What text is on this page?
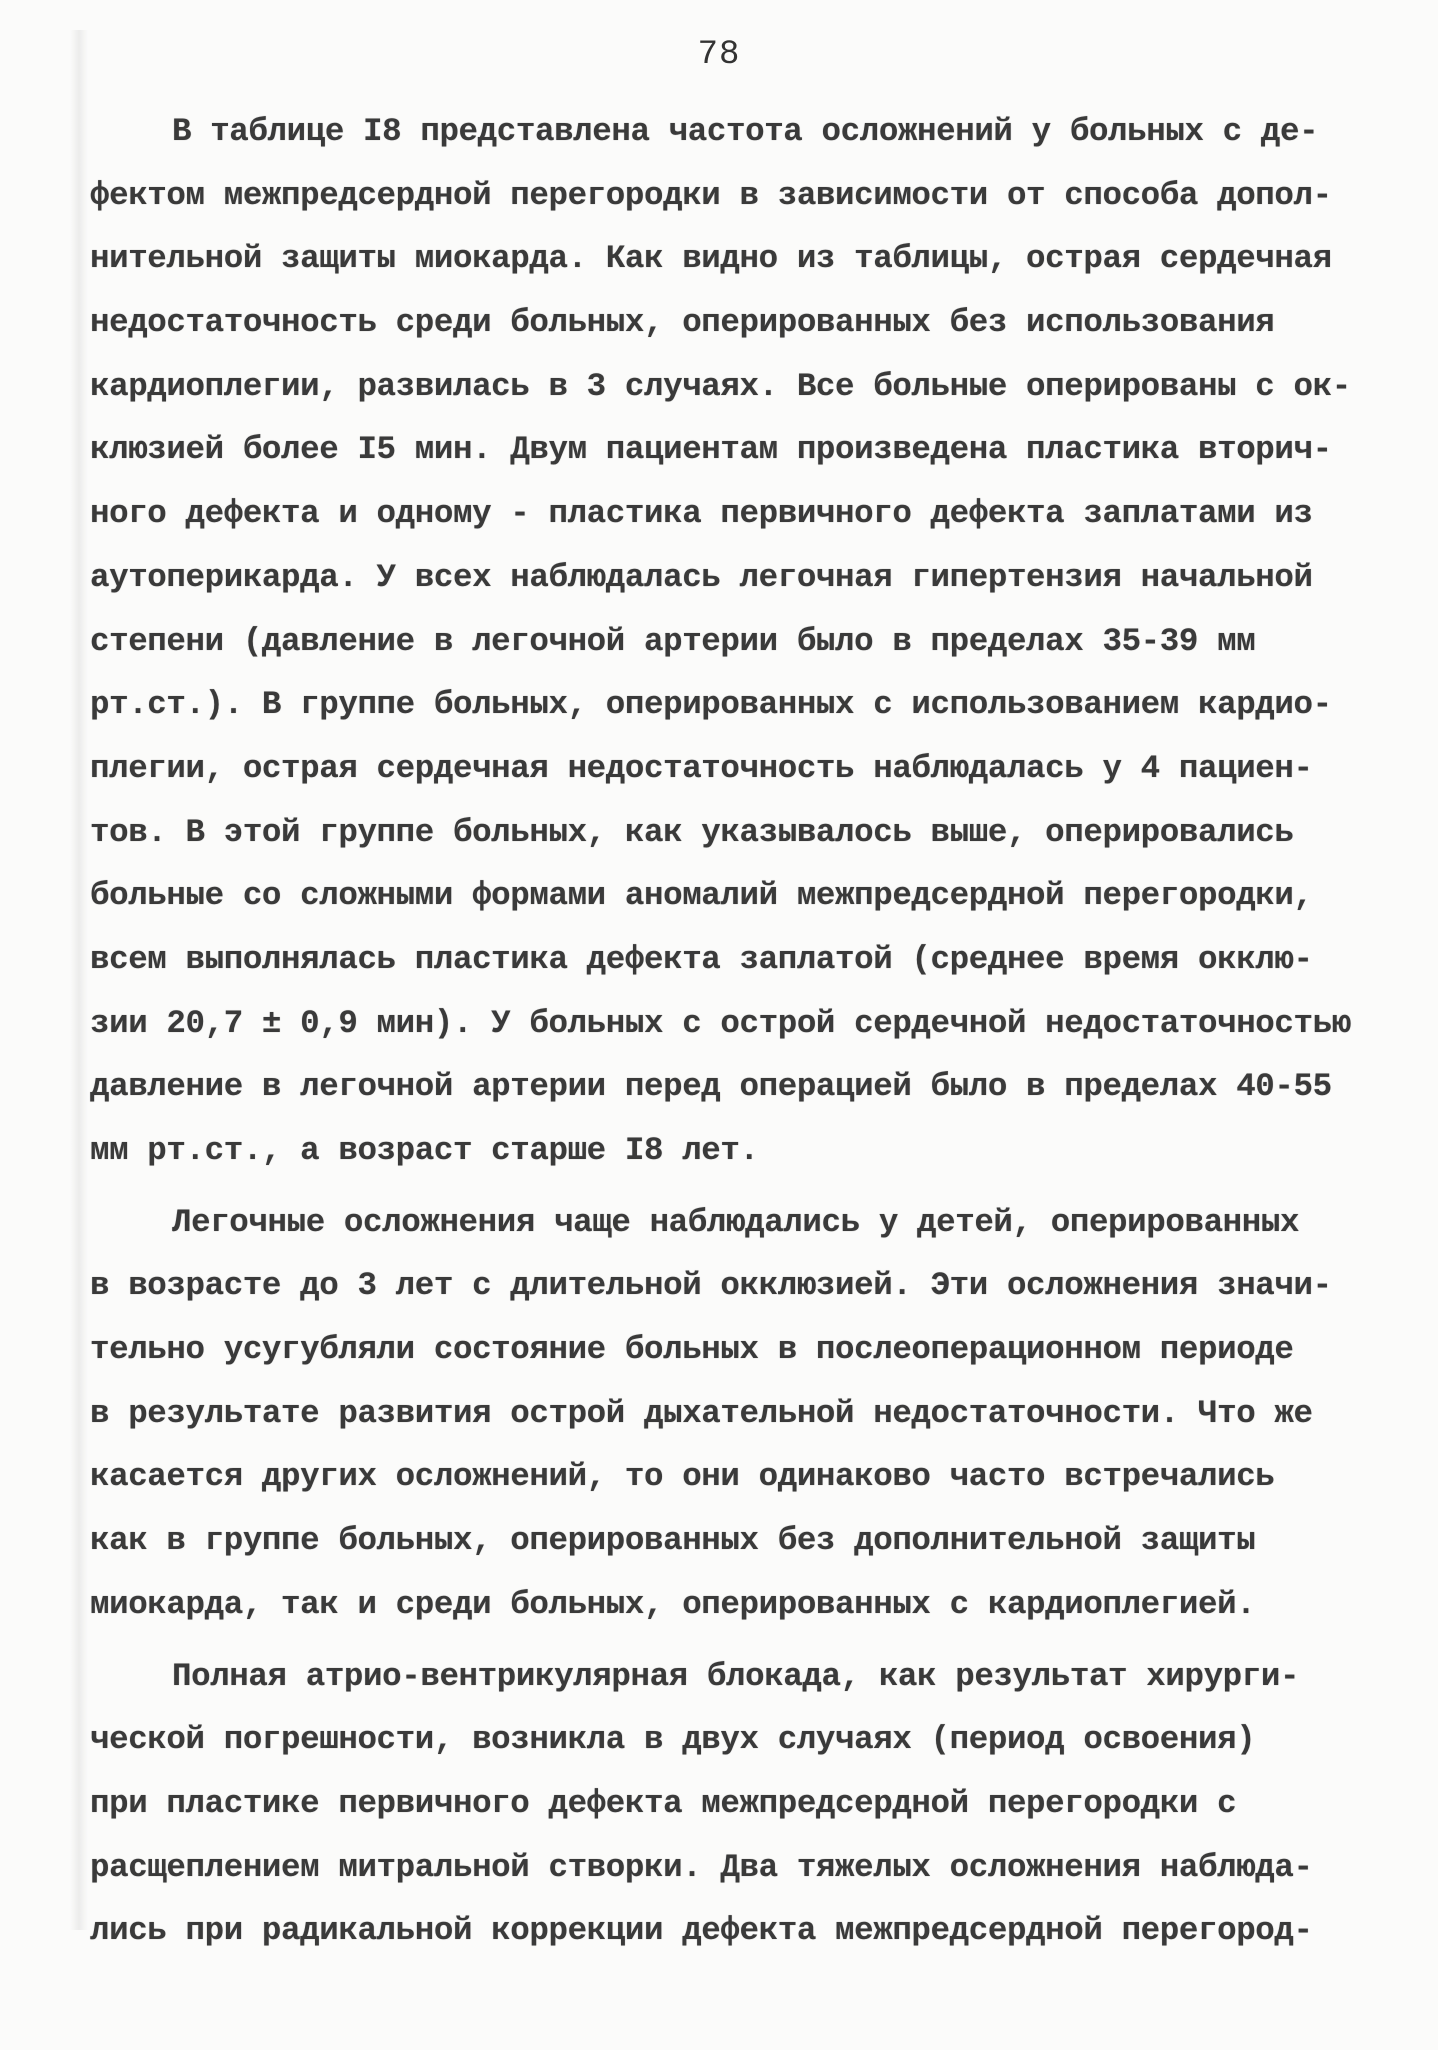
78
В таблице I8 представлена частота осложнений у больных с де-
фектом межпредсердной перегородки в зависимости от способа допол-
нительной защиты миокарда. Как видно из таблицы, острая сердечная
недостаточность среди больных, оперированных без использования
кардиоплегии, развилась в 3 случаях. Все больные оперированы с ок-
клюзией более I5 мин. Двум пациентам произведена пластика вторич-
ного дефекта и одному - пластика первичного дефекта заплатами из
аутоперикарда. У всех наблюдалась легочная гипертензия начальной
степени (давление в легочной артерии было в пределах 35-39 мм
рт.ст.). В группе больных, оперированных с использованием кардио-
плегии, острая сердечная недостаточность наблюдалась у 4 пациен-
тов. В этой группе больных, как указывалось выше, оперировались
больные со сложными формами аномалий межпредсердной перегородки,
всем выполнялась пластика дефекта заплатой (среднее время окклю-
зии 20,7 ± 0,9 мин). У больных с острой сердечной недостаточностью
давление в легочной артерии перед операцией было в пределах 40-55
мм рт.ст., а возраст старше I8 лет.
Легочные осложнения чаще наблюдались у детей, оперированных
в возрасте до 3 лет с длительной окклюзией. Эти осложнения значи-
тельно усугубляли состояние больных в послеоперационном периоде
в результате развития острой дыхательной недостаточности. Что же
касается других осложнений, то они одинаково часто встречались
как в группе больных, оперированных без дополнительной защиты
миокарда, так и среди больных, оперированных с кардиоплегией.
Полная атрио-вентрикулярная блокада, как результат хирурги-
ческой погрешности, возникла в двух случаях (период освоения)
при пластике первичного дефекта межпредсердной перегородки с
расщеплением митральной створки. Два тяжелых осложнения наблюда-
лись при радикальной коррекции дефекта межпредсердной перегород-
